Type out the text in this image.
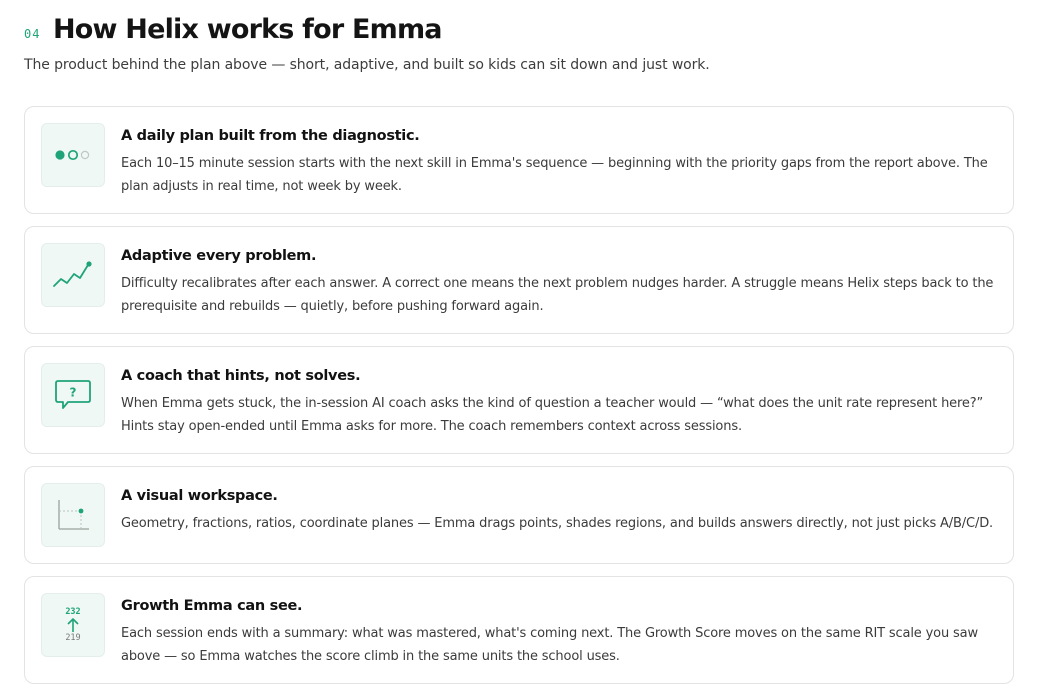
04 How Helix works for Emma
The product behind the plan above — short, adaptive, and built so kids can sit down and just work.
A daily plan built from the diagnostic.

Each 10–15 minute session starts with the next skill in Emma's sequence — beginning with the priority gaps from the report above. The plan adjusts in real time, not week by week.

Adaptive every problem.

Difficulty recalibrates after each answer. A correct one means the next problem nudges harder. A struggle means Helix steps back to the prerequisite and rebuilds — quietly, before pushing forward again.

?
A coach that hints, not solves.

When Emma gets stuck, the in-session AI coach asks the kind of question a teacher would — “what does the unit rate represent here?” Hints stay open-ended until Emma asks for more. The coach remembers context across sessions.

A visual workspace.

Geometry, fractions, ratios, coordinate planes — Emma drags points, shades regions, and builds answers directly, not just picks A/B/C/D.

232
219
Growth Emma can see.

Each session ends with a summary: what was mastered, what's coming next. The Growth Score moves on the same RIT scale you saw above — so Emma watches the score climb in the same units the school uses.
